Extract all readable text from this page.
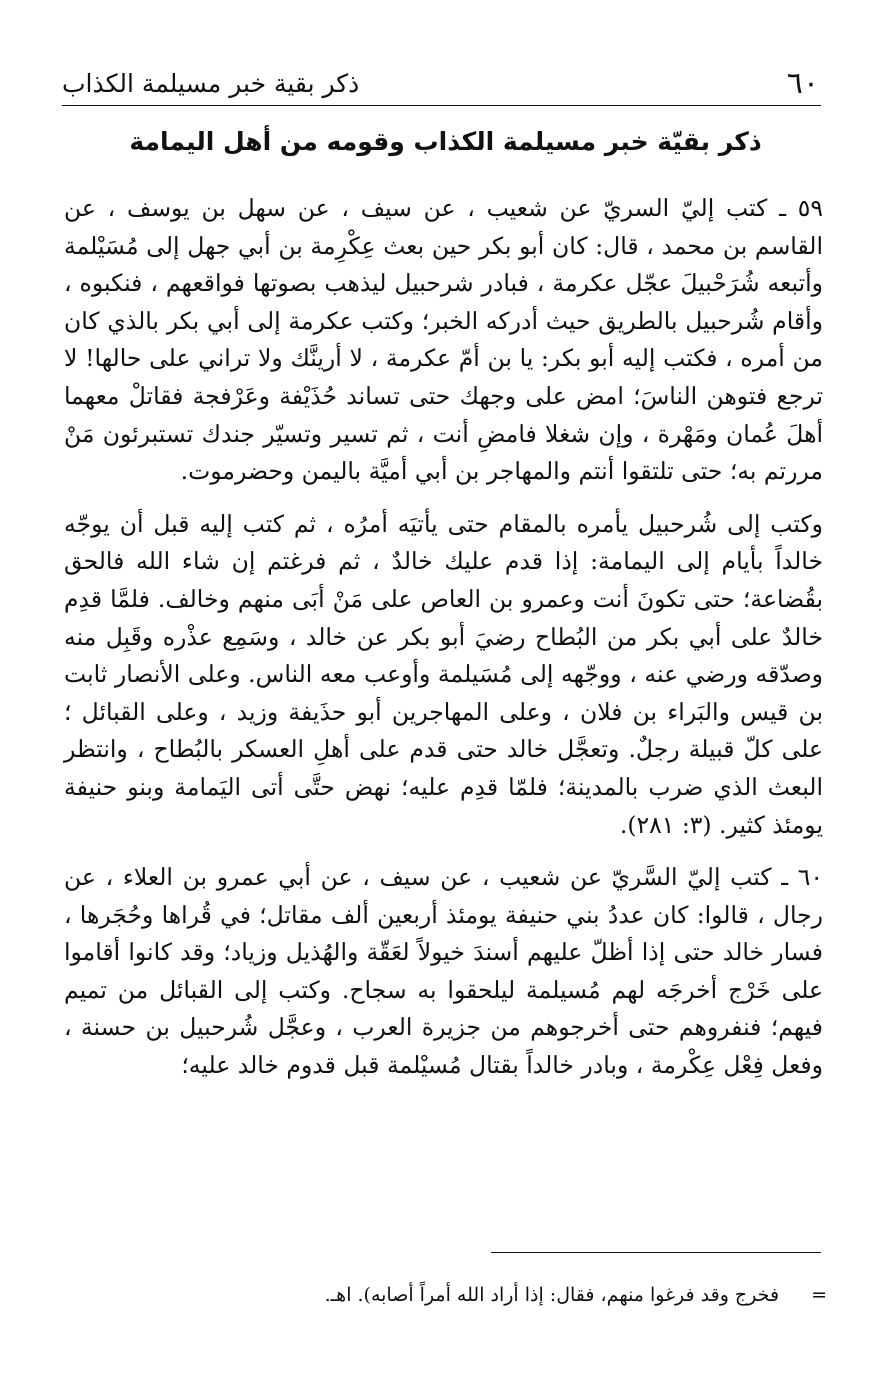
٦٠
ذكر بقية خبر مسيلمة الكذاب
ذكر بقيّة خبر مسيلمة الكذاب وقومه من أهل اليمامة

٥٩ ـ كتب إليّ السريّ عن شعيب ، عن سيف ، عن سهل بن يوسف ، عن القاسم بن محمد ، قال: كان أبو بكر حين بعث عِكْرِمة بن أبي جهل إلى مُسَيْلمة وأتبعه شُرَحْبيلَ عجّل عكرمة ، فبادر شرحبيل ليذهب بصوتها فواقعهم ، فنكبوه ، وأقام شُرحبيل بالطريق حيث أدركه الخبر؛ وكتب عكرمة إلى أبي بكر بالذي كان من أمره ، فكتب إليه أبو بكر: يا بن أمّ عكرمة ، لا أرينَّك ولا تراني على حالها! لا ترجع فتوهن الناسَ؛ امض على وجهك حتى تساند حُذَيْفة وعَرْفجة فقاتلْ معهما أهلَ عُمان ومَهْرة ، وإن شغلا فامضِ أنت ، ثم تسير وتسيّر جندك تستبرئون مَنْ مررتم به؛ حتى تلتقوا أنتم والمهاجر بن أبي أميَّة باليمن وحضرموت.

وكتب إلى شُرحبيل يأمره بالمقام حتى يأتيَه أمرُه ، ثم كتب إليه قبل أن يوجّه خالداً بأيام إلى اليمامة: إذا قدم عليك خالدٌ ، ثم فرغتم إن شاء الله فالحق بقُضاعة؛ حتى تكونَ أنت وعمرو بن العاص على مَنْ أبَى منهم وخالف. فلمَّا قدِم خالدٌ على أبي بكر من البُطاح رضيَ أبو بكر عن خالد ، وسَمِع عذْره وقَبِل منه وصدّقه ورضي عنه ، ووجّهه إلى مُسَيلمة وأوعب معه الناس. وعلى الأنصار ثابت بن قيس والبَراء بن فلان ، وعلى المهاجرين أبو حذَيفة وزيد ، وعلى القبائل ؛ على كلّ قبيلة رجلٌ. وتعجَّل خالد حتى قدم على أهلِ العسكر بالبُطاح ، وانتظر البعث الذي ضرب بالمدينة؛ فلمّا قدِم عليه؛ نهض حتَّى أتى اليَمامة وبنو حنيفة يومئذ كثير. (٣: ٢٨١).

٦٠ ـ كتب إليّ السَّريّ عن شعيب ، عن سيف ، عن أبي عمرو بن العلاء ، عن رجال ، قالوا: كان عددُ بني حنيفة يومئذ أربعين ألف مقاتل؛ في قُراها وحُجَرها ، فسار خالد حتى إذا أظلّ عليهم أسندَ خيولاً لعَقّة والهُذيل وزياد؛ وقد كانوا أقاموا على خَرْج أخرجَه لهم مُسيلمة ليلحقوا به سجاح. وكتب إلى القبائل من تميم فيهم؛ فنفروهم حتى أخرجوهم من جزيرة العرب ، وعجَّل شُرحبيل بن حسنة ، وفعل فِعْل عِكْرمة ، وبادر خالداً بقتال مُسيْلمة قبل قدوم خالد عليه؛

= فخرج وقد فرغوا منهم، فقال: إذا أراد الله أمراً أصابه). اهـ.
